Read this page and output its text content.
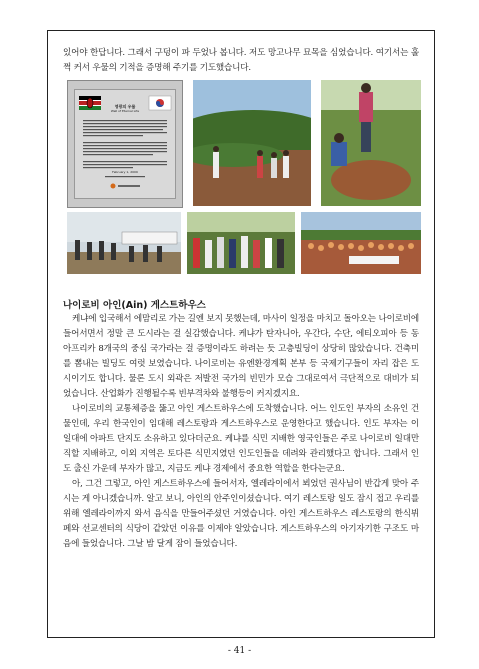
있어야 한답니다. 그래서 구덩이 파 두었나 봅니다. 저도 망고나무 묘목을 심었습니다. 여기서는 훌쩍 커서 우물의 기적을 증명해 주기를 기도했습니다.
영광의 우물
Well of Eternal Life
February 1, 2009
나이로비 아인(Ain) 게스트하우스
케냐에 입국해서 에맘리로 가는 길엔 보지 못했는데, 마사이 일정을 마치고 돌아오는 나이로비에 들어서면서 정말 큰 도시라는 걸 실감했습니다. 케냐가 탄자니아, 우간다, 수단, 에티오피아 등 동아프리카 8개국의 중심 국가라는 걸 증명이라도 하려는 듯 고층빌딩이 상당히 많았습니다. 건축미를 뽐내는 빌딩도 여럿 보였습니다. 나이로비는 유엔환경계획 본부 등 국제기구들이 자리 잡은 도시이기도 합니다. 물론 도시 외곽은 저발전 국가의 빈민가 모습 그대로여서 극단적으로 대비가 되었습니다. 산업화가 진행될수록 빈부격차와 불행등이 커지겠지요.
나이로비의 교통체증을 뚫고 아인 게스트하우스에 도착했습니다. 어느 인도인 부자의 소유인 건물인데, 우리 한국인이 임대해 레스토랑과 게스트하우스로 운영한다고 했습니다. 인도 부자는 이 일대에 아파트 단지도 소유하고 있다더군요. 케냐를 식민 지배한 영국인들은 주로 나이로비 일대만 직할 지배하고, 이외 지역은 토다른 식민지였던 인도인들을 데려와 관리했다고 합니다. 그래서 인도 출신 가운데 부자가 많고, 지금도 케냐 경제에서 중요한 역할을 한다는군요.
아, 그건 그렇고, 아인 게스트하우스에 들어서자, 엘레라이에서 뵈었던 권사님이 반갑게 맞아 주시는 게 아니겠습니까. 알고 보니, 아인의 안주인이셨습니다. 여기 레스토랑 일도 잠시 접고 우리를 위해 엘레라이까지 와서 음식을 만들어주셨던 거였습니다. 아인 게스트하우스 레스토랑의 한식뷔페와 선교센터의 식당이 같았던 이유를 이제야 알았습니다. 게스트하우스의 아기자기한 구조도 마음에 들었습니다. 그날 밤 달게 잠이 들었습니다.
- 41 -
